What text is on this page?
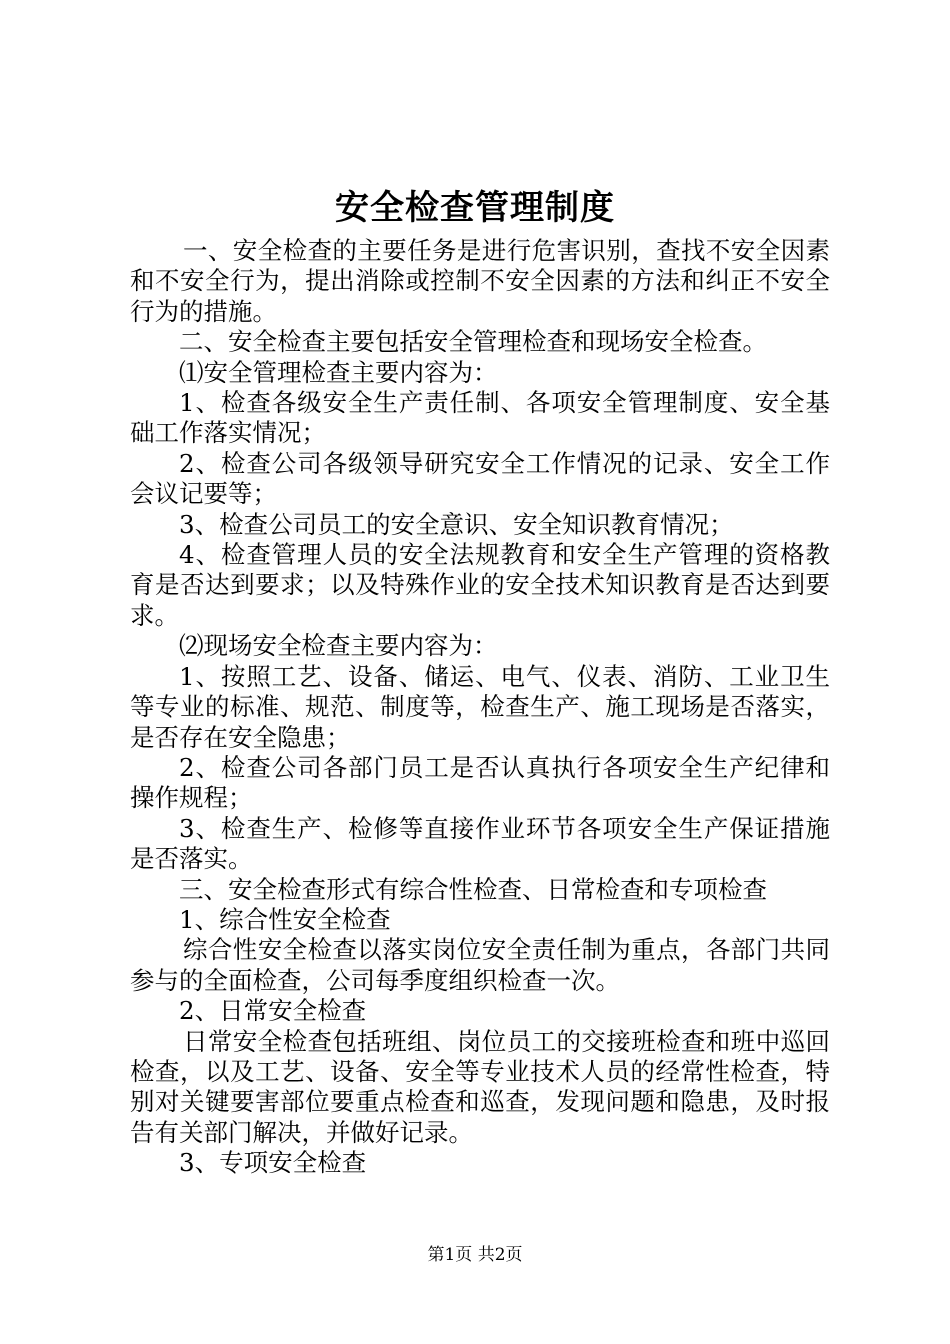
安全检查管理制度

一、安全检查的主要任务是进行危害识别，查找不安全因素和不安全行为，提出消除或控制不安全因素的方法和纠正不安全行为的措施。

二、安全检查主要包括安全管理检查和现场安全检查。

⑴安全管理检查主要内容为：

1、检查各级安全生产责任制、各项安全管理制度、安全基础工作落实情况；

2、检查公司各级领导研究安全工作情况的记录、安全工作会议记要等；

3、检查公司员工的安全意识、安全知识教育情况；

4、检查管理人员的安全法规教育和安全生产管理的资格教育是否达到要求；以及特殊作业的安全技术知识教育是否达到要求。

⑵现场安全检查主要内容为：

1、按照工艺、设备、储运、电气、仪表、消防、工业卫生等专业的标准、规范、制度等，检查生产、施工现场是否落实，是否存在安全隐患；

2、检查公司各部门员工是否认真执行各项安全生产纪律和操作规程；

3、检查生产、检修等直接作业环节各项安全生产保证措施是否落实。

三、安全检查形式有综合性检查、日常检查和专项检查

1、综合性安全检查

综合性安全检查以落实岗位安全责任制为重点，各部门共同参与的全面检查，公司每季度组织检查一次。

2、日常安全检查

日常安全检查包括班组、岗位员工的交接班检查和班中巡回检查，以及工艺、设备、安全等专业技术人员的经常性检查，特别对关键要害部位要重点检查和巡查，发现问题和隐患，及时报告有关部门解决，并做好记录。

3、专项安全检查

第1页 共2页
